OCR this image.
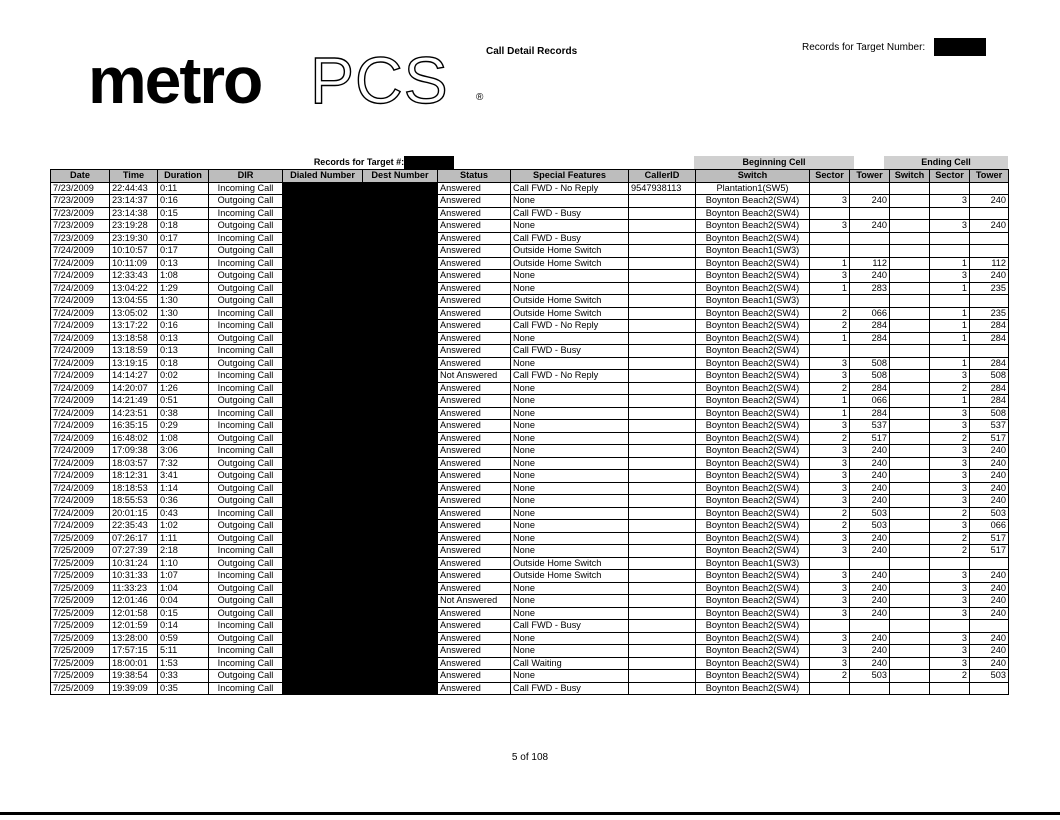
metro PCS	®
Call Detail Records	Records for Target Number:
Records for Target #:	Beginning Cell	Ending Cell
Date	Time	Duration	DIR	Dialed Number	Dest Number	Status	Special Features	CallerID	Switch	Sector	Tower	Switch	Sector	Tower
7/23/2009	22:44:43	0:11	Incoming Call			Answered	Call FWD - No Reply	9547938113	Plantation1(SW5)					
7/23/2009	23:14:37	0:16	Outgoing Call			Answered	None		Boynton Beach2(SW4)	3	240		3	240
7/23/2009	23:14:38	0:15	Incoming Call			Answered	Call FWD - Busy		Boynton Beach2(SW4)					
7/23/2009	23:19:28	0:18	Outgoing Call			Answered	None		Boynton Beach2(SW4)	3	240		3	240
7/23/2009	23:19:30	0:17	Incoming Call			Answered	Call FWD - Busy		Boynton Beach2(SW4)					
7/24/2009	10:10:57	0:17	Outgoing Call			Answered	Outside Home Switch		Boynton Beach1(SW3)					
7/24/2009	10:11:09	0:13	Incoming Call			Answered	Outside Home Switch		Boynton Beach2(SW4)	1	112		1	112
7/24/2009	12:33:43	1:08	Outgoing Call			Answered	None		Boynton Beach2(SW4)	3	240		3	240
7/24/2009	13:04:22	1:29	Outgoing Call			Answered	None		Boynton Beach2(SW4)	1	283		1	235
7/24/2009	13:04:55	1:30	Outgoing Call			Answered	Outside Home Switch		Boynton Beach1(SW3)					
7/24/2009	13:05:02	1:30	Incoming Call			Answered	Outside Home Switch		Boynton Beach2(SW4)	2	066		1	235
7/24/2009	13:17:22	0:16	Incoming Call			Answered	Call FWD - No Reply		Boynton Beach2(SW4)	2	284		1	284
7/24/2009	13:18:58	0:13	Outgoing Call			Answered	None		Boynton Beach2(SW4)	1	284		1	284
7/24/2009	13:18:59	0:13	Incoming Call			Answered	Call FWD - Busy		Boynton Beach2(SW4)					
7/24/2009	13:19:15	0:18	Outgoing Call			Answered	None		Boynton Beach2(SW4)	3	508		1	284
7/24/2009	14:14:27	0:02	Incoming Call			Not Answered	Call FWD - No Reply		Boynton Beach2(SW4)	3	508		3	508
7/24/2009	14:20:07	1:26	Incoming Call			Answered	None		Boynton Beach2(SW4)	2	284		2	284
7/24/2009	14:21:49	0:51	Outgoing Call			Answered	None		Boynton Beach2(SW4)	1	066		1	284
7/24/2009	14:23:51	0:38	Incoming Call			Answered	None		Boynton Beach2(SW4)	1	284		3	508
7/24/2009	16:35:15	0:29	Incoming Call			Answered	None		Boynton Beach2(SW4)	3	537		3	537
7/24/2009	16:48:02	1:08	Outgoing Call			Answered	None		Boynton Beach2(SW4)	2	517		2	517
7/24/2009	17:09:38	3:06	Incoming Call			Answered	None		Boynton Beach2(SW4)	3	240		3	240
7/24/2009	18:03:57	7:32	Outgoing Call			Answered	None		Boynton Beach2(SW4)	3	240		3	240
7/24/2009	18:12:31	3:41	Outgoing Call			Answered	None		Boynton Beach2(SW4)	3	240		3	240
7/24/2009	18:18:53	1:14	Outgoing Call			Answered	None		Boynton Beach2(SW4)	3	240		3	240
7/24/2009	18:55:53	0:36	Outgoing Call			Answered	None		Boynton Beach2(SW4)	3	240		3	240
7/24/2009	20:01:15	0:43	Incoming Call			Answered	None		Boynton Beach2(SW4)	2	503		2	503
7/24/2009	22:35:43	1:02	Outgoing Call			Answered	None		Boynton Beach2(SW4)	2	503		3	066
7/25/2009	07:26:17	1:11	Outgoing Call			Answered	None		Boynton Beach2(SW4)	3	240		2	517
7/25/2009	07:27:39	2:18	Incoming Call			Answered	None		Boynton Beach2(SW4)	3	240		2	517
7/25/2009	10:31:24	1:10	Outgoing Call			Answered	Outside Home Switch		Boynton Beach1(SW3)					
7/25/2009	10:31:33	1:07	Incoming Call			Answered	Outside Home Switch		Boynton Beach2(SW4)	3	240		3	240
7/25/2009	11:33:23	1:04	Outgoing Call			Answered	None		Boynton Beach2(SW4)	3	240		3	240
7/25/2009	12:01:46	0:04	Outgoing Call			Not Answered	None		Boynton Beach2(SW4)	3	240		3	240
7/25/2009	12:01:58	0:15	Outgoing Call			Answered	None		Boynton Beach2(SW4)	3	240		3	240
7/25/2009	12:01:59	0:14	Incoming Call			Answered	Call FWD - Busy		Boynton Beach2(SW4)					
7/25/2009	13:28:00	0:59	Outgoing Call			Answered	None		Boynton Beach2(SW4)	3	240		3	240
7/25/2009	17:57:15	5:11	Incoming Call			Answered	None		Boynton Beach2(SW4)	3	240		3	240
7/25/2009	18:00:01	1:53	Incoming Call			Answered	Call Waiting		Boynton Beach2(SW4)	3	240		3	240
7/25/2009	19:38:54	0:33	Outgoing Call			Answered	None		Boynton Beach2(SW4)	2	503		2	503
7/25/2009	19:39:09	0:35	Incoming Call			Answered	Call FWD - Busy		Boynton Beach2(SW4)					
5 of 108
